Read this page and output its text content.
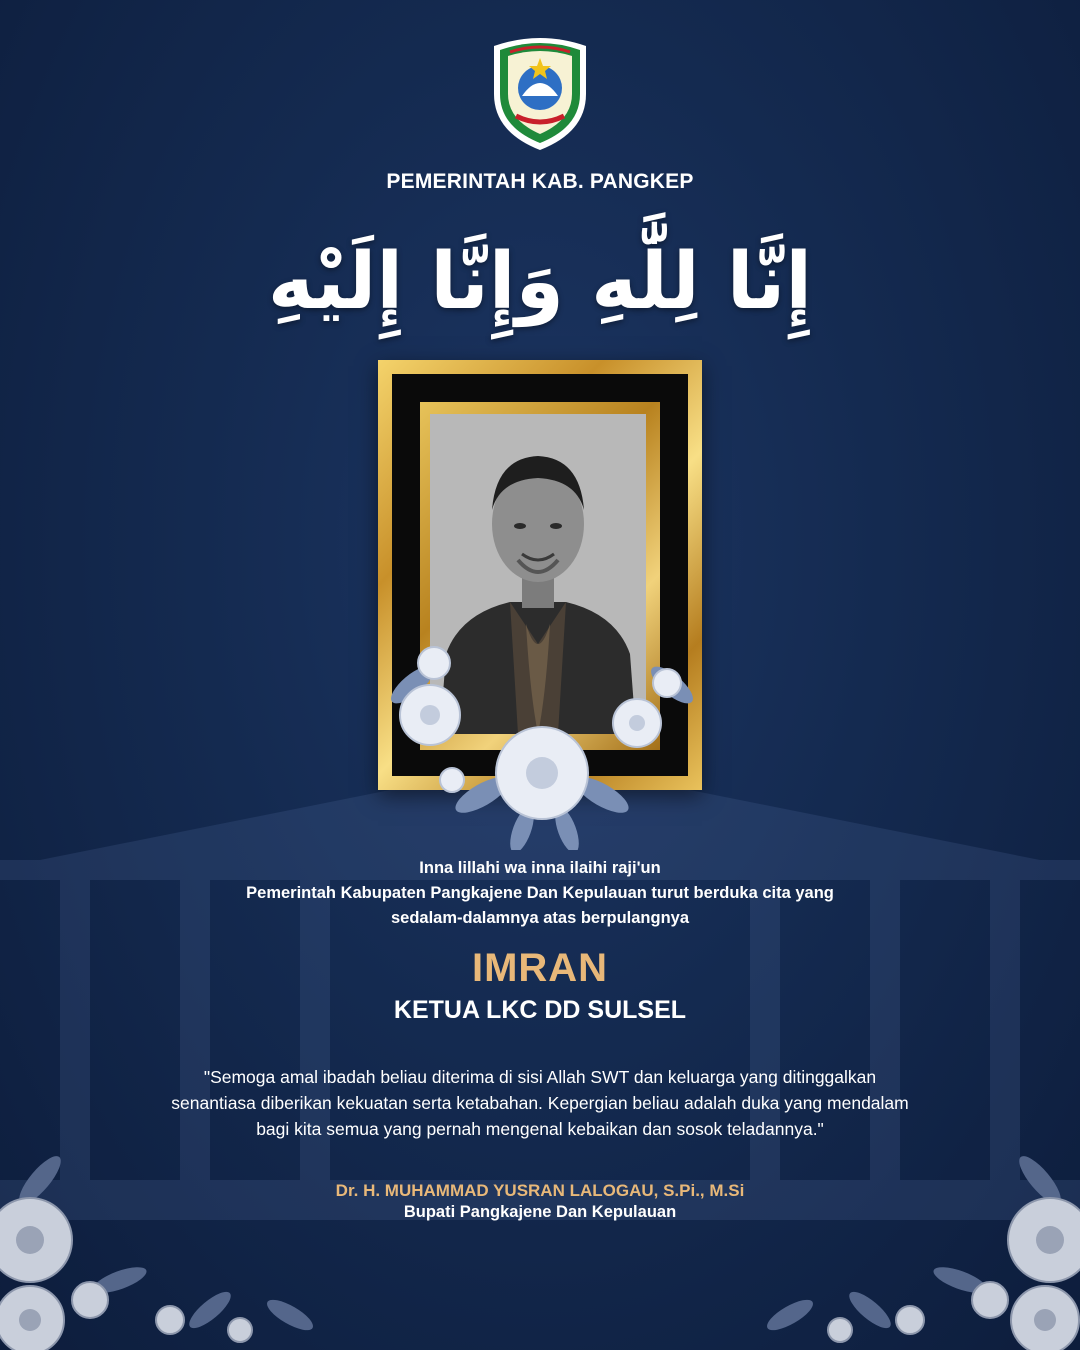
PEMERINTAH KAB. PANGKEP
إِنَّا لِلَّٰهِ وَإِنَّا إِلَيْهِ
Inna lillahi wa inna ilaihi raji'un
Pemerintah Kabupaten Pangkajene Dan Kepulauan turut berduka cita yang
sedalam-dalamnya atas berpulangnya
IMRAN
KETUA LKC DD SULSEL
"Semoga amal ibadah beliau diterima di sisi Allah SWT dan keluarga yang ditinggalkan
senantiasa diberikan kekuatan serta ketabahan. Kepergian beliau adalah duka yang mendalam
bagi kita semua yang pernah mengenal kebaikan dan sosok teladannya."
Dr. H. MUHAMMAD YUSRAN LALOGAU, S.Pi., M.Si
Bupati Pangkajene Dan Kepulauan
